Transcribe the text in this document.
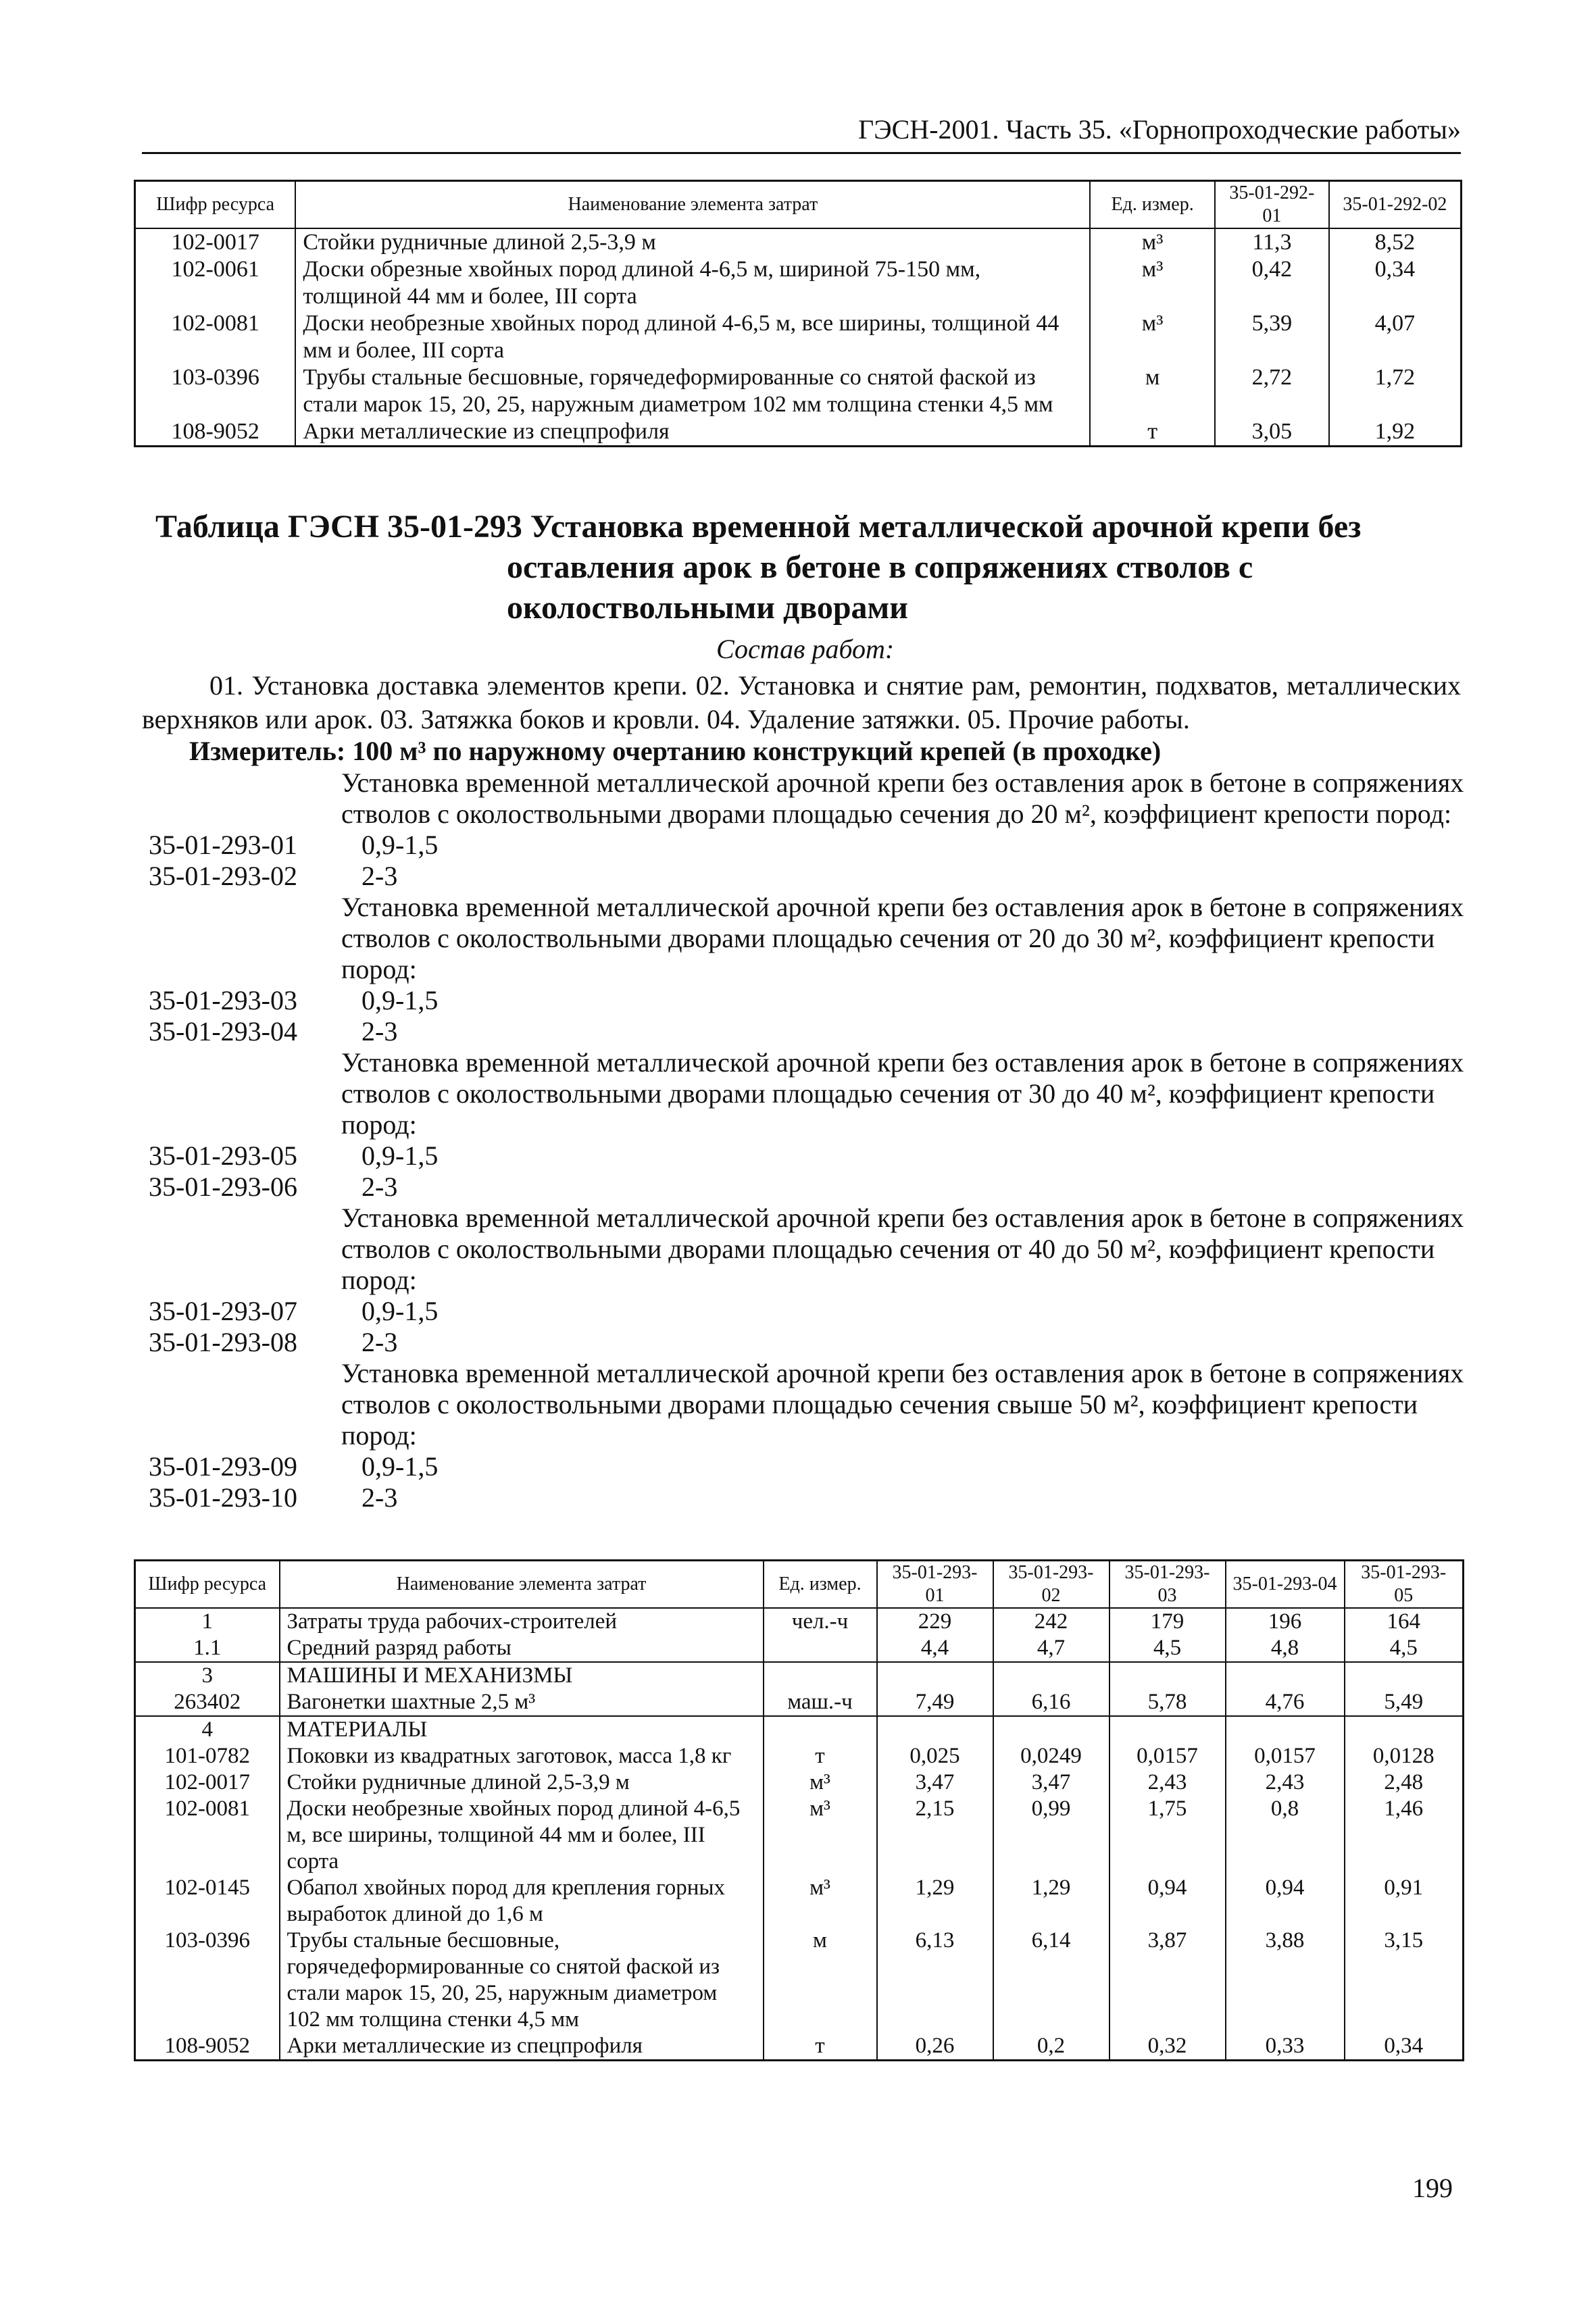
ГЭСН-2001. Часть 35. «Горнопроходческие работы»
Шифр ресурса	Наименование элемента затрат	Ед. измер.	35-01-292-01	35-01-292-02
102-0017	Стойки рудничные длиной 2,5-3,9 м	м³	11,3	8,52
102-0061	Доски обрезные хвойных пород длиной 4-6,5 м, шириной 75-150 мм, толщиной 44 мм и более, III сорта	м³	0,42	0,34
102-0081	Доски необрезные хвойных пород длиной 4-6,5 м, все ширины, толщиной 44 мм и более, III сорта	м³	5,39	4,07
103-0396	Трубы стальные бесшовные, горячедеформированные со снятой фаской из стали марок 15, 20, 25, наружным диаметром 102 мм толщина стенки 4,5 мм	м	2,72	1,72
108-9052	Арки металлические из спецпрофиля	т	3,05	1,92
Таблица ГЭСН 35-01-293 Установка временной металлической арочной крепи без
оставления арок в бетоне в сопряжениях стволов с
околоствольными дворами
Состав работ:
01. Установка доставка элементов крепи. 02. Установка и снятие рам, ремонтин, подхватов, металлических верхняков или арок. 03. Затяжка боков и кровли. 04. Удаление затяжки. 05. Прочие работы.
Измеритель: 100 м³ по наружному очертанию конструкций крепей (в проходке)
Установка временной металлической арочной крепи без оставления арок в бетоне в сопряжениях стволов с околоствольными дворами площадью сечения до 20 м², коэффициент крепости пород:
35-01-293-01	0,9-1,5
35-01-293-02	2-3
Установка временной металлической арочной крепи без оставления арок в бетоне в сопряжениях стволов с околоствольными дворами площадью сечения от 20 до 30 м², коэффициент крепости пород:
35-01-293-03	0,9-1,5
35-01-293-04	2-3
Установка временной металлической арочной крепи без оставления арок в бетоне в сопряжениях стволов с околоствольными дворами площадью сечения от 30 до 40 м², коэффициент крепости пород:
35-01-293-05	0,9-1,5
35-01-293-06	2-3
Установка временной металлической арочной крепи без оставления арок в бетоне в сопряжениях стволов с околоствольными дворами площадью сечения от 40 до 50 м², коэффициент крепости пород:
35-01-293-07	0,9-1,5
35-01-293-08	2-3
Установка временной металлической арочной крепи без оставления арок в бетоне в сопряжениях стволов с околоствольными дворами площадью сечения свыше 50 м², коэффициент крепости пород:
35-01-293-09	0,9-1,5
35-01-293-10	2-3
Шифр ресурса	Наименование элемента затрат	Ед. измер.	35-01-293-01	35-01-293-02	35-01-293-03	35-01-293-04	35-01-293-05
1	Затраты труда рабочих-строителей	чел.-ч	229	242	179	196	164
1.1	Средний разряд работы		4,4	4,7	4,5	4,8	4,5
3	МАШИНЫ И МЕХАНИЗМЫ						
263402	Вагонетки шахтные 2,5 м³	маш.-ч	7,49	6,16	5,78	4,76	5,49
4	МАТЕРИАЛЫ						
101-0782	Поковки из квадратных заготовок, масса 1,8 кг	т	0,025	0,0249	0,0157	0,0157	0,0128
102-0017	Стойки рудничные длиной 2,5-3,9 м	м³	3,47	3,47	2,43	2,43	2,48
102-0081	Доски необрезные хвойных пород длиной 4-6,5 м, все ширины, толщиной 44 мм и более, III сорта	м³	2,15	0,99	1,75	0,8	1,46
102-0145	Обапол хвойных пород для крепления горных выработок длиной до 1,6 м	м³	1,29	1,29	0,94	0,94	0,91
103-0396	Трубы стальные бесшовные, горячедеформированные со снятой фаской из стали марок 15, 20, 25, наружным диаметром 102 мм толщина стенки 4,5 мм	м	6,13	6,14	3,87	3,88	3,15
108-9052	Арки металлические из спецпрофиля	т	0,26	0,2	0,32	0,33	0,34
199
